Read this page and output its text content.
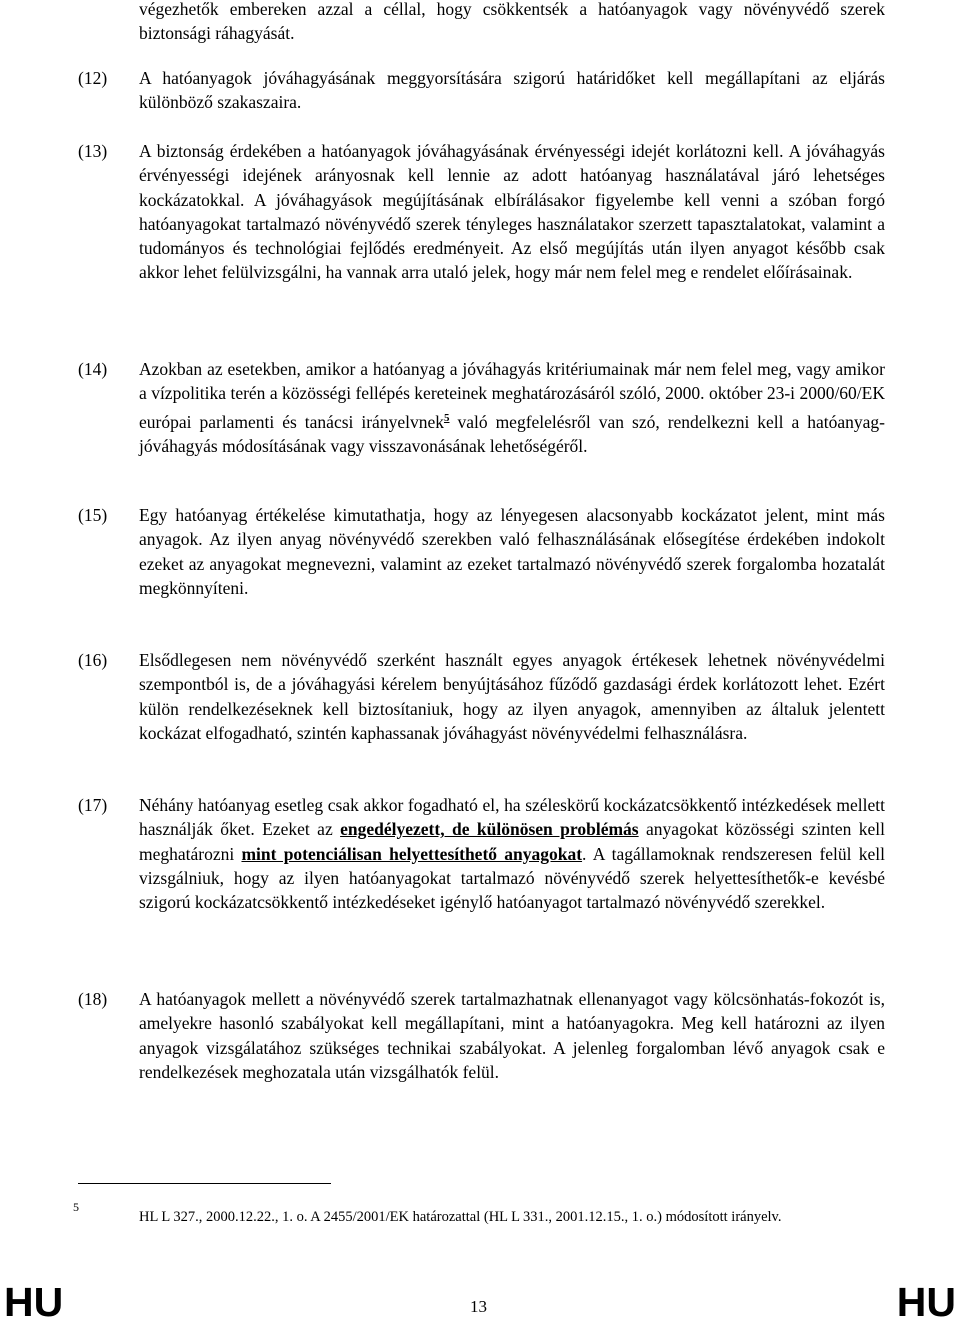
végezhetők embereken azzal a céllal, hogy csökkentsék a hatóanyagok vagy növényvédő szerek biztonsági ráhagyását.

(12) A hatóanyagok jóváhagyásának meggyorsítására szigorú határidőket kell megállapítani az eljárás különböző szakaszaira.

(13) A biztonság érdekében a hatóanyagok jóváhagyásának érvényességi idejét korlátozni kell. A jóváhagyás érvényességi idejének arányosnak kell lennie az adott hatóanyag használatával járó lehetséges kockázatokkal. A jóváhagyások megújításának elbírálásakor figyelembe kell venni a szóban forgó hatóanyagokat tartalmazó növényvédő szerek tényleges használatakor szerzett tapasztalatokat, valamint a tudományos és technológiai fejlődés eredményeit. Az első megújítás után ilyen anyagot később csak akkor lehet felülvizsgálni, ha vannak arra utaló jelek, hogy már nem felel meg e rendelet előírásainak.

(14) Azokban az esetekben, amikor a hatóanyag a jóváhagyás kritériumainak már nem felel meg, vagy amikor a vízpolitika terén a közösségi fellépés kereteinek meghatározásáról szóló, 2000. október 23-i 2000/60/EK európai parlamenti és tanácsi irányelvnek$^5$ való megfelelésről van szó, rendelkezni kell a hatóanyag-jóváhagyás módosításának vagy visszavonásának lehetőségéről.

(15) Egy hatóanyag értékelése kimutathatja, hogy az lényegesen alacsonyabb kockázatot jelent, mint más anyagok. Az ilyen anyag növényvédő szerekben való felhasználásának elősegítése érdekében indokolt ezeket az anyagokat megnevezni, valamint az ezeket tartalmazó növényvédő szerek forgalomba hozatalát megkönnyíteni.

(16) Elsődlegesen nem növényvédő szerként használt egyes anyagok értékesek lehetnek növényvédelmi szempontból is, de a jóváhagyási kérelem benyújtásához fűződő gazdasági érdek korlátozott lehet. Ezért külön rendelkezéseknek kell biztosítaniuk, hogy az ilyen anyagok, amennyiben az általuk jelentett kockázat elfogadható, szintén kaphassanak jóváhagyást növényvédelmi felhasználásra.

(17) Néhány hatóanyag esetleg csak akkor fogadható el, ha széleskörű kockázatcsökkentő intézkedések mellett használják őket. Ezeket az engedélyezett, de különösen problémás anyagokat közösségi szinten kell meghatározni mint potenciálisan helyettesíthető anyagokat. A tagállamoknak rendszeresen felül kell vizsgálniuk, hogy az ilyen hatóanyagokat tartalmazó növényvédő szerek helyettesíthetők-e kevésbé szigorú kockázatcsökkentő intézkedéseket igénylő hatóanyagot tartalmazó növényvédő szerekkel.

(18) A hatóanyagok mellett a növényvédő szerek tartalmazhatnak ellenanyagot vagy kölcsönhatás-fokozót is, amelyekre hasonló szabályokat kell megállapítani, mint a hatóanyagokra. Meg kell határozni az ilyen anyagok vizsgálatához szükséges technikai szabályokat. A jelenleg forgalomban lévő anyagok csak e rendelkezések meghozatala után vizsgálhatók felül.

5

HL L 327., 2000.12.22., 1. o. A 2455/2001/EK határozattal (HL L 331., 2001.12.15., 1. o.) módosított irányelv.

HU	13	HU
